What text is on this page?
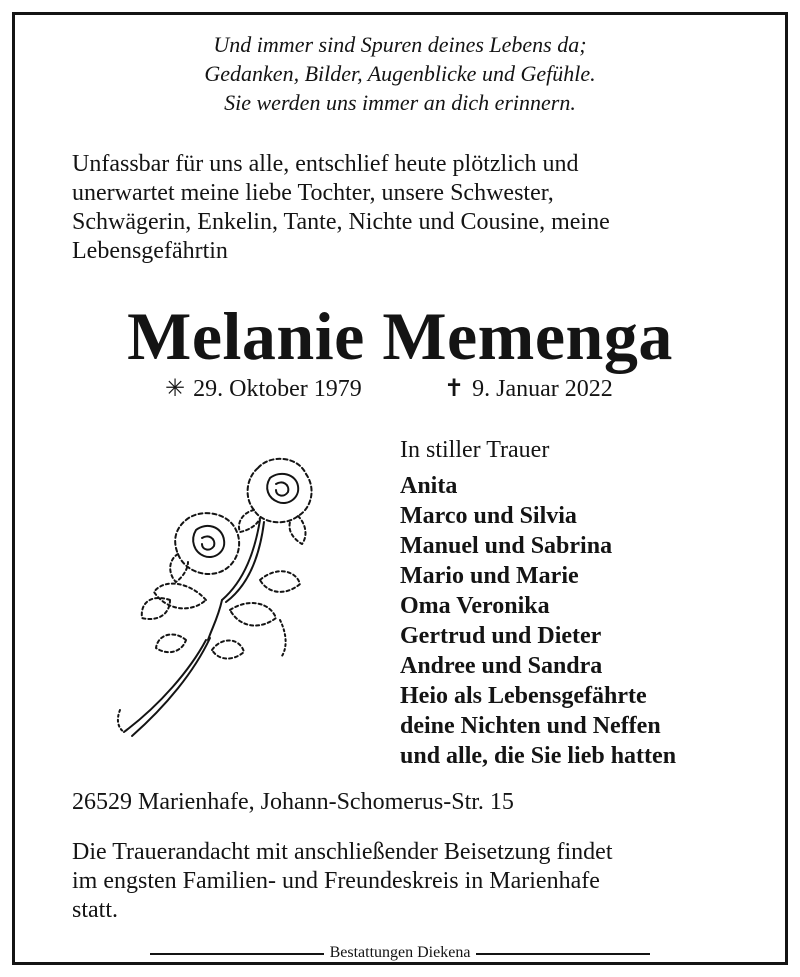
Und immer sind Spuren deines Lebens da;
Gedanken, Bilder, Augenblicke und Gefühle.
Sie werden uns immer an dich erinnern.
Unfassbar für uns alle, entschlief heute plötzlich und
unerwartet meine liebe Tochter, unsere Schwester,
Schwägerin, Enkelin, Tante, Nichte und Cousine, meine
Lebensgefährtin
Melanie Memenga
✳ 29. Oktober 1979	✝ 9. Januar 2022
In stiller Trauer
Anita
Marco und Silvia
Manuel und Sabrina
Mario und Marie
Oma Veronika
Gertrud und Dieter
Andree und Sandra
Heio als Lebensgefährte
deine Nichten und Neffen
und alle, die Sie lieb hatten
26529 Marienhafe, Johann-Schomerus-Str. 15
Die Trauerandacht mit anschließender Beisetzung findet
im engsten Familien- und Freundeskreis in Marienhafe
statt.
Bestattungen Diekena
